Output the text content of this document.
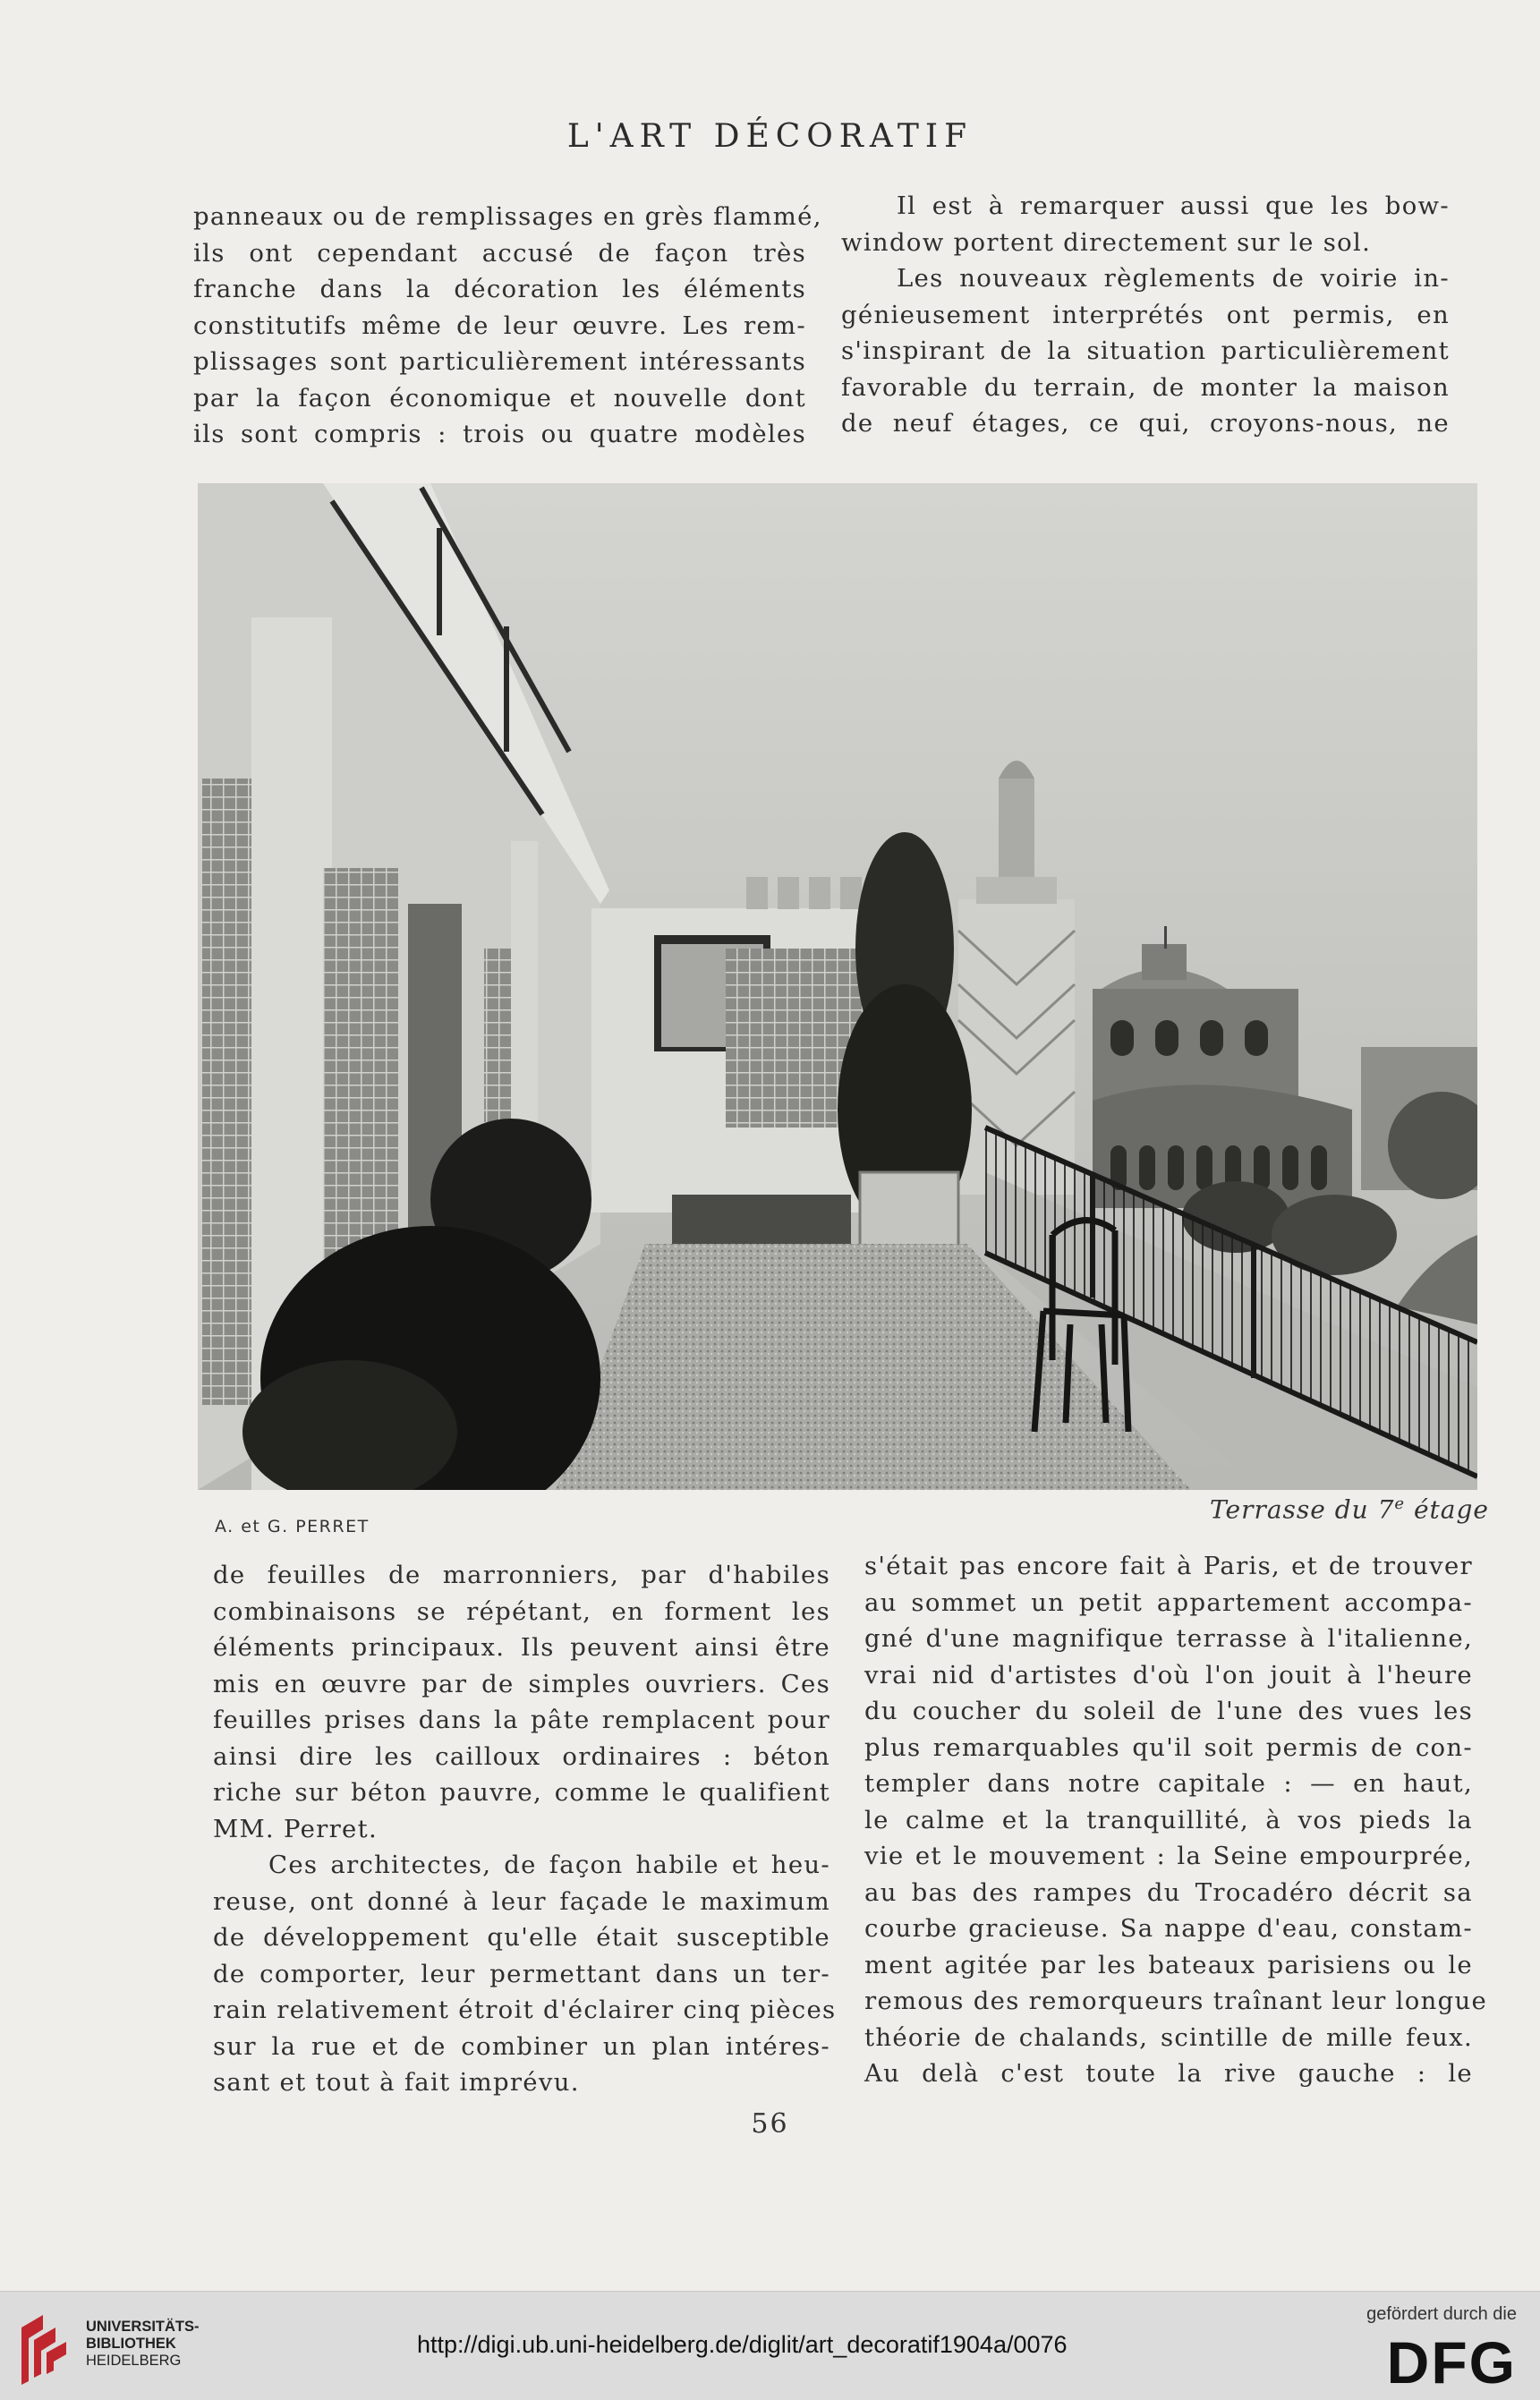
L'ART DÉCORATIF

panneaux ou de remplissages en grès flammé,

ils ont cependant accusé de façon très

franche dans la décoration les éléments

constitutifs même de leur œuvre. Les rem-

plissages sont particulièrement intéressants

par la façon économique et nouvelle dont

ils sont compris : trois ou quatre modèles

Il est à remarquer aussi que les bow-

window portent directement sur le sol.

Les nouveaux règlements de voirie in-

génieusement interprétés ont permis, en

s'inspirant de la situation particulièrement

favorable du terrain, de monter la maison

de neuf étages, ce qui, croyons-nous, ne

A. et G. PERRET
Terrasse du 7e étage

de feuilles de marronniers, par d'habiles

combinaisons se répétant, en forment les

éléments principaux. Ils peuvent ainsi être

mis en œuvre par de simples ouvriers. Ces

feuilles prises dans la pâte remplacent pour

ainsi dire les cailloux ordinaires : béton

riche sur béton pauvre, comme le qualifient

MM. Perret.

Ces architectes, de façon habile et heu-

reuse, ont donné à leur façade le maximum

de développement qu'elle était susceptible

de comporter, leur permettant dans un ter-

rain relativement étroit d'éclairer cinq pièces

sur la rue et de combiner un plan intéres-

sant et tout à fait imprévu.

s'était pas encore fait à Paris, et de trouver

au sommet un petit appartement accompa-

gné d'une magnifique terrasse à l'italienne,

vrai nid d'artistes d'où l'on jouit à l'heure

du coucher du soleil de l'une des vues les

plus remarquables qu'il soit permis de con-

templer dans notre capitale : — en haut,

le calme et la tranquillité, à vos pieds la

vie et le mouvement : la Seine empourprée,

au bas des rampes du Trocadéro décrit sa

courbe gracieuse. Sa nappe d'eau, constam-

ment agitée par les bateaux parisiens ou le

remous des remorqueurs traînant leur longue

théorie de chalands, scintille de mille feux.

Au delà c'est toute la rive gauche : le

56
UNIVERSITÄTS-
BIBLIOTHEK
HEIDELBERG
http://digi.ub.uni-heidelberg.de/diglit/art_decoratif1904a/0076
gefördert durch die
DFG
